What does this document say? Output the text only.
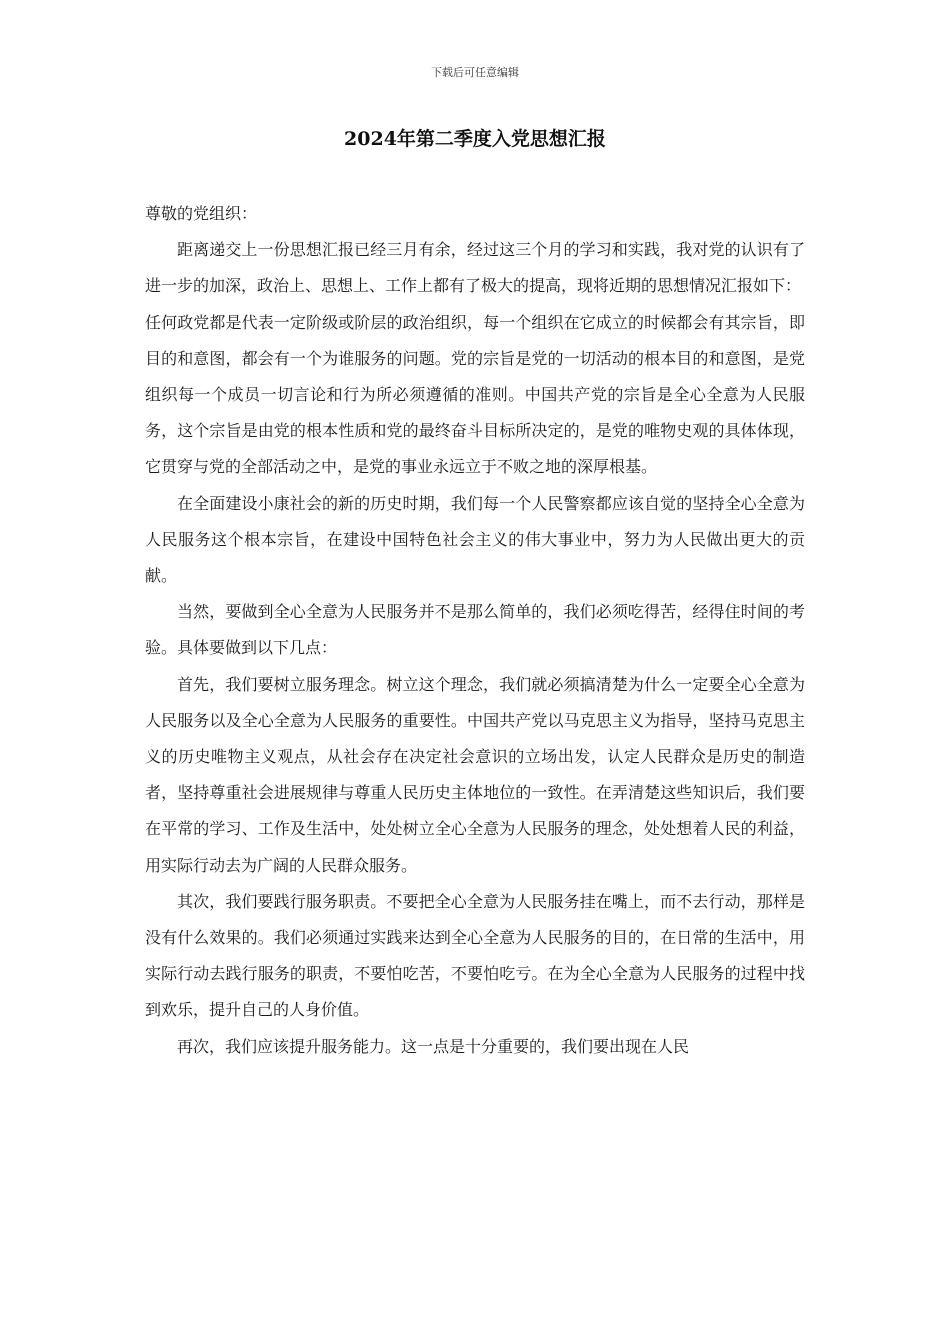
下载后可任意编辑
2024年第二季度入党思想汇报

尊敬的党组织：

距离递交上一份思想汇报已经三月有余，经过这三个月的学习和实践，我对党的认识有了进一步的加深，政治上、思想上、工作上都有了极大的提高，现将近期的思想情况汇报如下：

任何政党都是代表一定阶级或阶层的政治组织，每一个组织在它成立的时候都会有其宗旨，即目的和意图，都会有一个为谁服务的问题。党的宗旨是党的一切活动的根本目的和意图，是党组织每一个成员一切言论和行为所必须遵循的准则。中国共产党的宗旨是全心全意为人民服务，这个宗旨是由党的根本性质和党的最终奋斗目标所决定的，是党的唯物史观的具体体现，它贯穿与党的全部活动之中，是党的事业永远立于不败之地的深厚根基。

在全面建设小康社会的新的历史时期，我们每一个人民警察都应该自觉的坚持全心全意为人民服务这个根本宗旨，在建设中国特色社会主义的伟大事业中，努力为人民做出更大的贡献。

当然，要做到全心全意为人民服务并不是那么简单的，我们必须吃得苦，经得住时间的考验。具体要做到以下几点：

首先，我们要树立服务理念。树立这个理念，我们就必须搞清楚为什么一定要全心全意为人民服务以及全心全意为人民服务的重要性。中国共产党以马克思主义为指导，坚持马克思主义的历史唯物主义观点，从社会存在决定社会意识的立场出发，认定人民群众是历史的制造者，坚持尊重社会进展规律与尊重人民历史主体地位的一致性。在弄清楚这些知识后，我们要在平常的学习、工作及生活中，处处树立全心全意为人民服务的理念，处处想着人民的利益，用实际行动去为广阔的人民群众服务。

其次，我们要践行服务职责。不要把全心全意为人民服务挂在嘴上，而不去行动，那样是没有什么效果的。我们必须通过实践来达到全心全意为人民服务的目的，在日常的生活中，用实际行动去践行服务的职责，不要怕吃苦，不要怕吃亏。在为全心全意为人民服务的过程中找到欢乐，提升自己的人身价值。

再次，我们应该提升服务能力。这一点是十分重要的，我们要出现在人民
